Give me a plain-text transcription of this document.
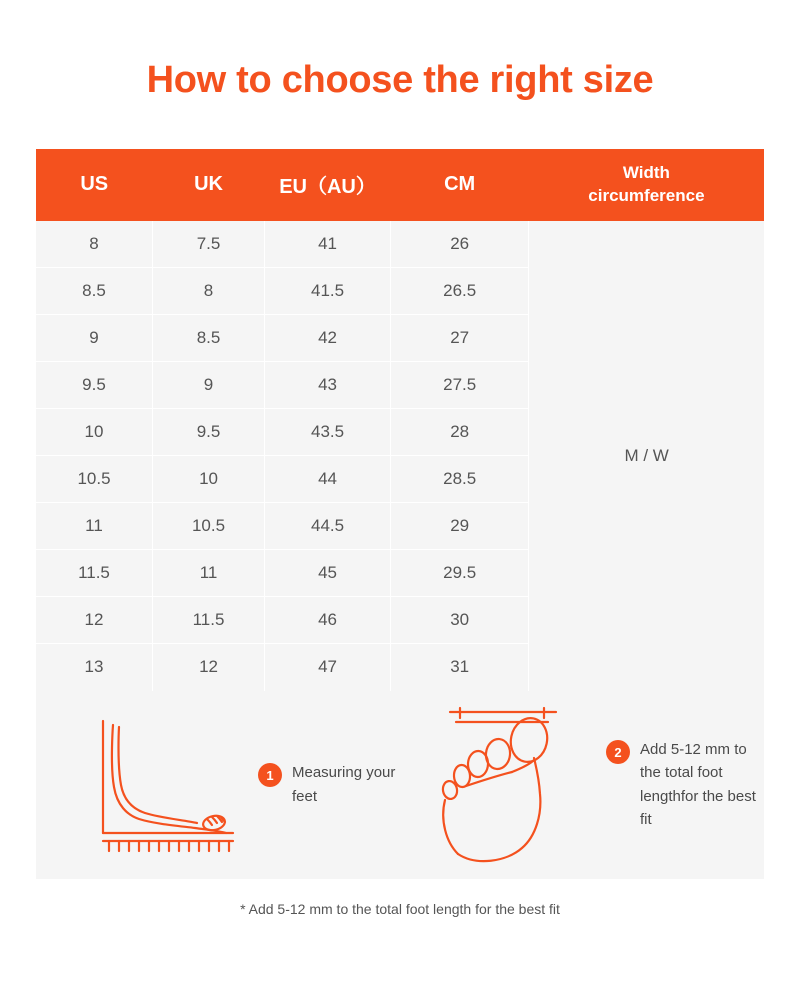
How to choose the right size
US	UK	EU（AU）	CM	Width
circumference

8	7.5	41	26	M / W
8.5	8	41.5	26.5	
9	8.5	42	27	
9.5	9	43	27.5	
10	9.5	43.5	28	
10.5	10	44	28.5	
11	10.5	44.5	29	
11.5	11	45	29.5	
12	11.5	46	30	
13	12	47	31	
1	Measuring your feet
2	Add 5-12 mm to the total foot lengthfor the best fit
* Add 5-12 mm to the total foot length for the best fit
